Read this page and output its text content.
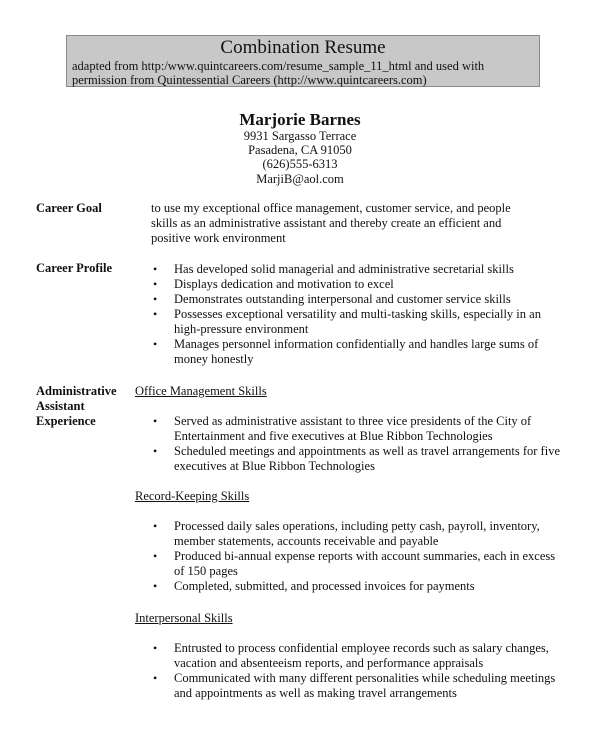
Combination Resume
adapted from http:/www.quintcareers.com/resume_sample_11_html and used with
permission from Quintessential Careers (http://www.quintcareers.com)
Marjorie Barnes
9931 Sargasso Terrace
Pasadena, CA 91050
(626)555-6313
MarjiB@aol.com
Career Goal	to use my exceptional office management, customer service, and people
skills as an administrative assistant and thereby create an efficient and
positive work environment
Career Profile	• Has developed solid managerial and administrative secretarial skills
• Displays dedication and motivation to excel
• Demonstrates outstanding interpersonal and customer service skills
• Possesses exceptional versatility and multi-tasking skills, especially in an high-pressure environment
• Manages personnel information confidentially and handles large sums of money honestly
Administrative
Assistant
Experience
Office Management Skills
• Served as administrative assistant to three vice presidents of the City of Entertainment and five executives at Blue Ribbon Technologies
• Scheduled meetings and appointments as well as travel arrangements for five executives at Blue Ribbon Technologies
Record-Keeping Skills
• Processed daily sales operations, including petty cash, payroll, inventory, member statements, accounts receivable and payable
• Produced bi-annual expense reports with account summaries, each in excess of 150 pages
• Completed, submitted, and processed invoices for payments
Interpersonal Skills
• Entrusted to process confidential employee records such as salary changes, vacation and absenteeism reports, and performance appraisals
• Communicated with many different personalities while scheduling meetings and appointments as well as making travel arrangements
